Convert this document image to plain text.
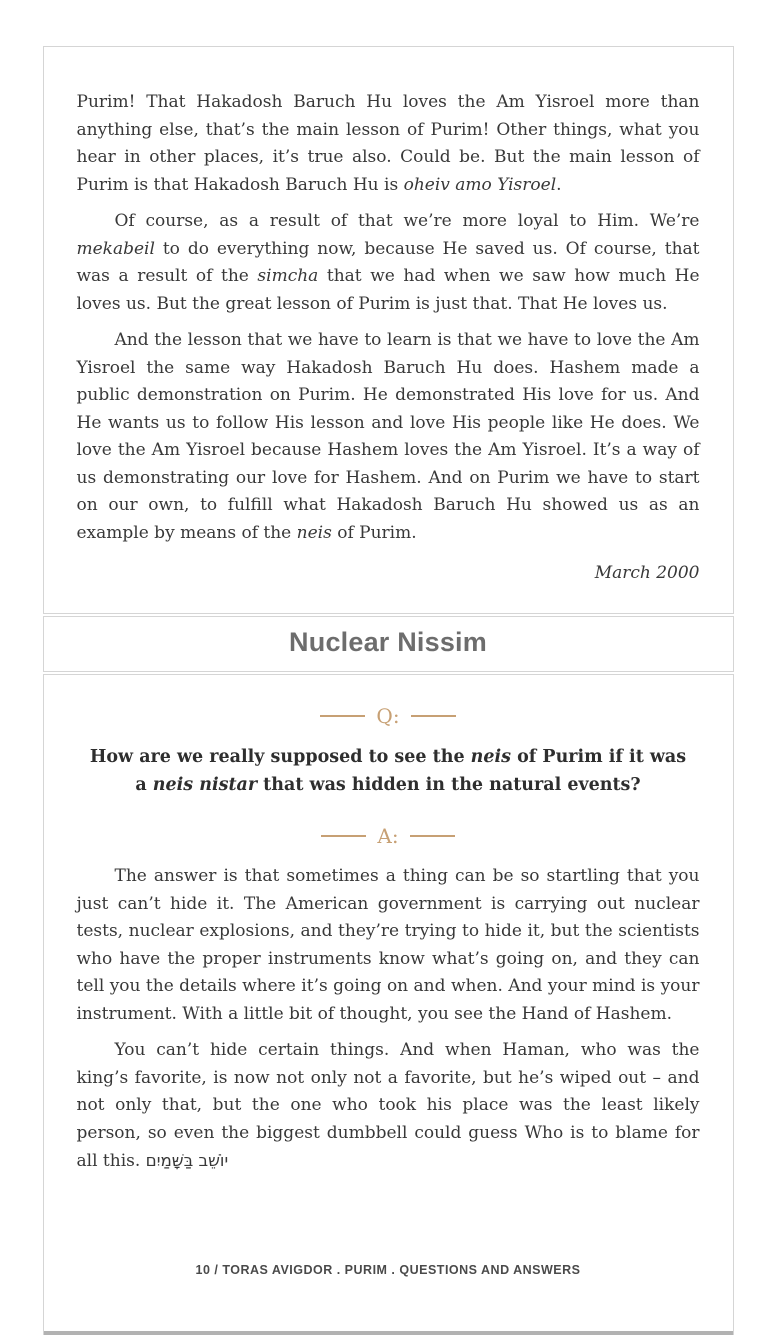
Purim! That Hakadosh Baruch Hu loves the Am Yisroel more than anything else, that’s the main lesson of Purim! Other things, what you hear in other places, it’s true also. Could be. But the main lesson of Purim is that Hakadosh Baruch Hu is oheiv amo Yisroel.

Of course, as a result of that we’re more loyal to Him. We’re mekabeil to do everything now, because He saved us. Of course, that was a result of the simcha that we had when we saw how much He loves us. But the great lesson of Purim is just that. That He loves us.

And the lesson that we have to learn is that we have to love the Am Yisroel the same way Hakadosh Baruch Hu does. Hashem made a public demonstration on Purim. He demonstrated His love for us. And He wants us to follow His lesson and love His people like He does. We love the Am Yisroel because Hashem loves the Am Yisroel. It’s a way of us demonstrating our love for Hashem. And on Purim we have to start on our own, to fulfill what Hakadosh Baruch Hu showed us as an example by means of the neis of Purim.

March 2000

Nuclear Nissim
Q:

How are we really supposed to see the neis of Purim if it was a neis nistar that was hidden in the natural events?

A:

The answer is that sometimes a thing can be so startling that you just can’t hide it. The American government is carrying out nuclear tests, nuclear explosions, and they’re trying to hide it, but the scientists who have the proper instruments know what’s going on, and they can tell you the details where it’s going on and when. And your mind is your instrument. With a little bit of thought, you see the Hand of Hashem.

You can’t hide certain things. And when Haman, who was the king’s favorite, is now not only not a favorite, but he’s wiped out – and not only that, but the one who took his place was the least likely person, so even the biggest dumbbell could guess Who is to blame for all this. יוֹשֵׁב בַּשָּׁמַיִם

10 / TORAS AVIGDOR . PURIM . QUESTIONS AND ANSWERS
